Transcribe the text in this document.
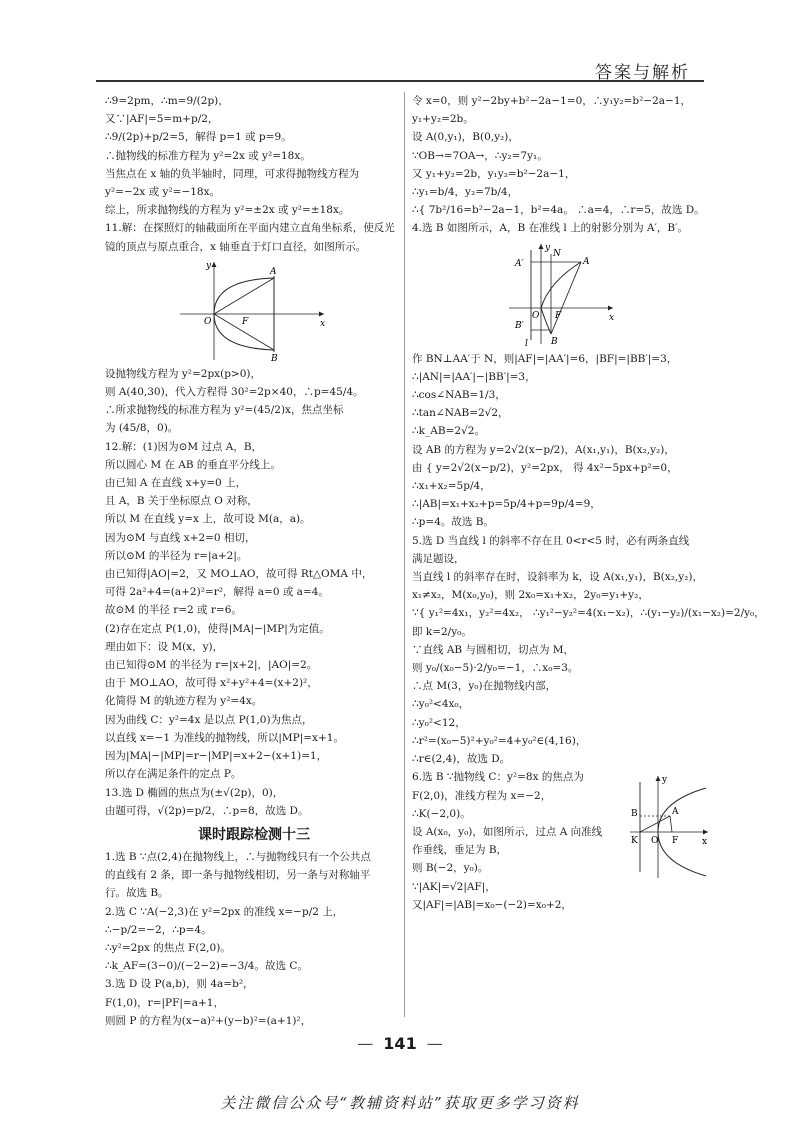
答案与解析

∴9=2pm，∴m=9/(2p)，

又∵|AF|=5=m+p/2，

∴9/(2p)+p/2=5，解得 p=1 或 p=9。

∴抛物线的标准方程为 y²=2x 或 y²=18x。

当焦点在 x 轴的负半轴时，同理，可求得抛物线方程为

y²=−2x 或 y²=−18x。

综上，所求抛物线的方程为 y²=±2x 或 y²=±18x。

11.解：在探照灯的轴截面所在平面内建立直角坐标系，使反光

镜的顶点与原点重合，x 轴垂直于灯口直径，如图所示。

y
x
A
B
O	F

设抛物线方程为 y²=2px(p>0)，

则 A(40,30)，代入方程得 30²=2p×40，∴p=45/4。

∴所求抛物线的标准方程为 y²=(45/2)x，焦点坐标

为 (45/8，0)。

12.解：(1)因为⊙M 过点 A，B，

所以圆心 M 在 AB 的垂直平分线上。

由已知 A 在直线 x+y=0 上，

且 A，B 关于坐标原点 O 对称，

所以 M 在直线 y=x 上，故可设 M(a，a)。

因为⊙M 与直线 x+2=0 相切，

所以⊙M 的半径为 r=|a+2|。

由已知得|AO|=2，又 MO⊥AO，故可得 Rt△OMA 中，

可得 2a²+4=(a+2)²=r²，解得 a=0 或 a=4。

故⊙M 的半径 r=2 或 r=6。

(2)存在定点 P(1,0)，使得|MA|−|MP|为定值。

理由如下：设 M(x，y)，

由已知得⊙M 的半径为 r=|x+2|，|AO|=2。

由于 MO⊥AO，故可得 x²+y²+4=(x+2)²，

化简得 M 的轨迹方程为 y²=4x。

因为曲线 C：y²=4x 是以点 P(1,0)为焦点，

以直线 x=−1 为准线的抛物线，所以|MP|=x+1。

因为|MA|−|MP|=r−|MP|=x+2−(x+1)=1，

所以存在满足条件的定点 P。

13.选 D 椭圆的焦点为(±√(2p)，0)，

由题可得，√(2p)=p/2，∴p=8，故选 D。

课时跟踪检测十三

1.选 B ∵点(2,4)在抛物线上，∴与抛物线只有一个公共点

的直线有 2 条，即一条与抛物线相切，另一条与对称轴平

行。故选 B。

2.选 C ∵A(−2,3)在 y²=2px 的准线 x=−p/2 上，

∴−p/2=−2，∴p=4。

∴y²=2px 的焦点 F(2,0)。

∴k_AF=(3−0)/(−2−2)=−3/4。故选 C。

3.选 D 设 P(a,b)，则 4a=b²，

F(1,0)，r=|PF|=a+1，

则圆 P 的方程为(x−a)²+(y−b)²=(a+1)²，

令 x=0，则 y²−2by+b²−2a−1=0，∴y₁y₂=b²−2a−1，

y₁+y₂=2b。

设 A(0,y₁)，B(0,y₂)，

∵OB→=7OA→，∴y₂=7y₁。

又 y₁+y₂=2b，y₁y₂=b²−2a−1，

∴y₁=b/4，y₂=7b/4，

∴{ 7b²/16=b²−2a−1，b²=4a。 ∴a=4，∴r=5，故选 D。

4.选 B 如图所示，A，B 在准线 l 上的射影分别为 A′，B′。

y
x
N
A
A′
B
B′
O F
l

作 BN⊥AA′于 N，则|AF|=|AA′|=6，|BF|=|BB′|=3，

∴|AN|=|AA′|−|BB′|=3，

∴cos∠NAB=1/3，

∴tan∠NAB=2√2，

∴k_AB=2√2。

设 AB 的方程为 y=2√2(x−p/2)，A(x₁,y₁)，B(x₂,y₂)，

由 { y=2√2(x−p/2)，y²=2px， 得 4x²−5px+p²=0，

∴x₁+x₂=5p/4，

∴|AB|=x₁+x₂+p=5p/4+p=9p/4=9，

∴p=4。故选 B。

5.选 D 当直线 l 的斜率不存在且 0<r<5 时，必有两条直线

满足题设，

当直线 l 的斜率存在时，设斜率为 k，设 A(x₁,y₁)，B(x₂,y₂)，

x₁≠x₂，M(x₀,y₀)，则 2x₀=x₁+x₂，2y₀=y₁+y₂，

∵{ y₁²=4x₁，y₂²=4x₂， ∴y₁²−y₂²=4(x₁−x₂)，∴(y₁−y₂)/(x₁−x₂)=2/y₀，

即 k=2/y₀。

∵直线 AB 与圆相切，切点为 M，

则 y₀/(x₀−5)·2/y₀=−1，∴x₀=3。

∴点 M(3，y₀)在抛物线内部，

∴y₀²<4x₀，

∴y₀²<12，

∴r²=(x₀−5)²+y₀²=4+y₀²∈(4,16)，

∴r∈(2,4)，故选 D。

6.选 B ∵抛物线 C：y²=8x 的焦点为

F(2,0)，准线方程为 x=−2，

∴K(−2,0)。

设 A(x₀，y₀)，如图所示，过点 A 向准线

作垂线，垂足为 B，

则 B(−2，y₀)。

∵|AK|=√2|AF|，

又|AF|=|AB|=x₀−(−2)=x₀+2，

y
x
A
B
K O F
— 141 —
关注微信公众号“教辅资料站”获取更多学习资料
